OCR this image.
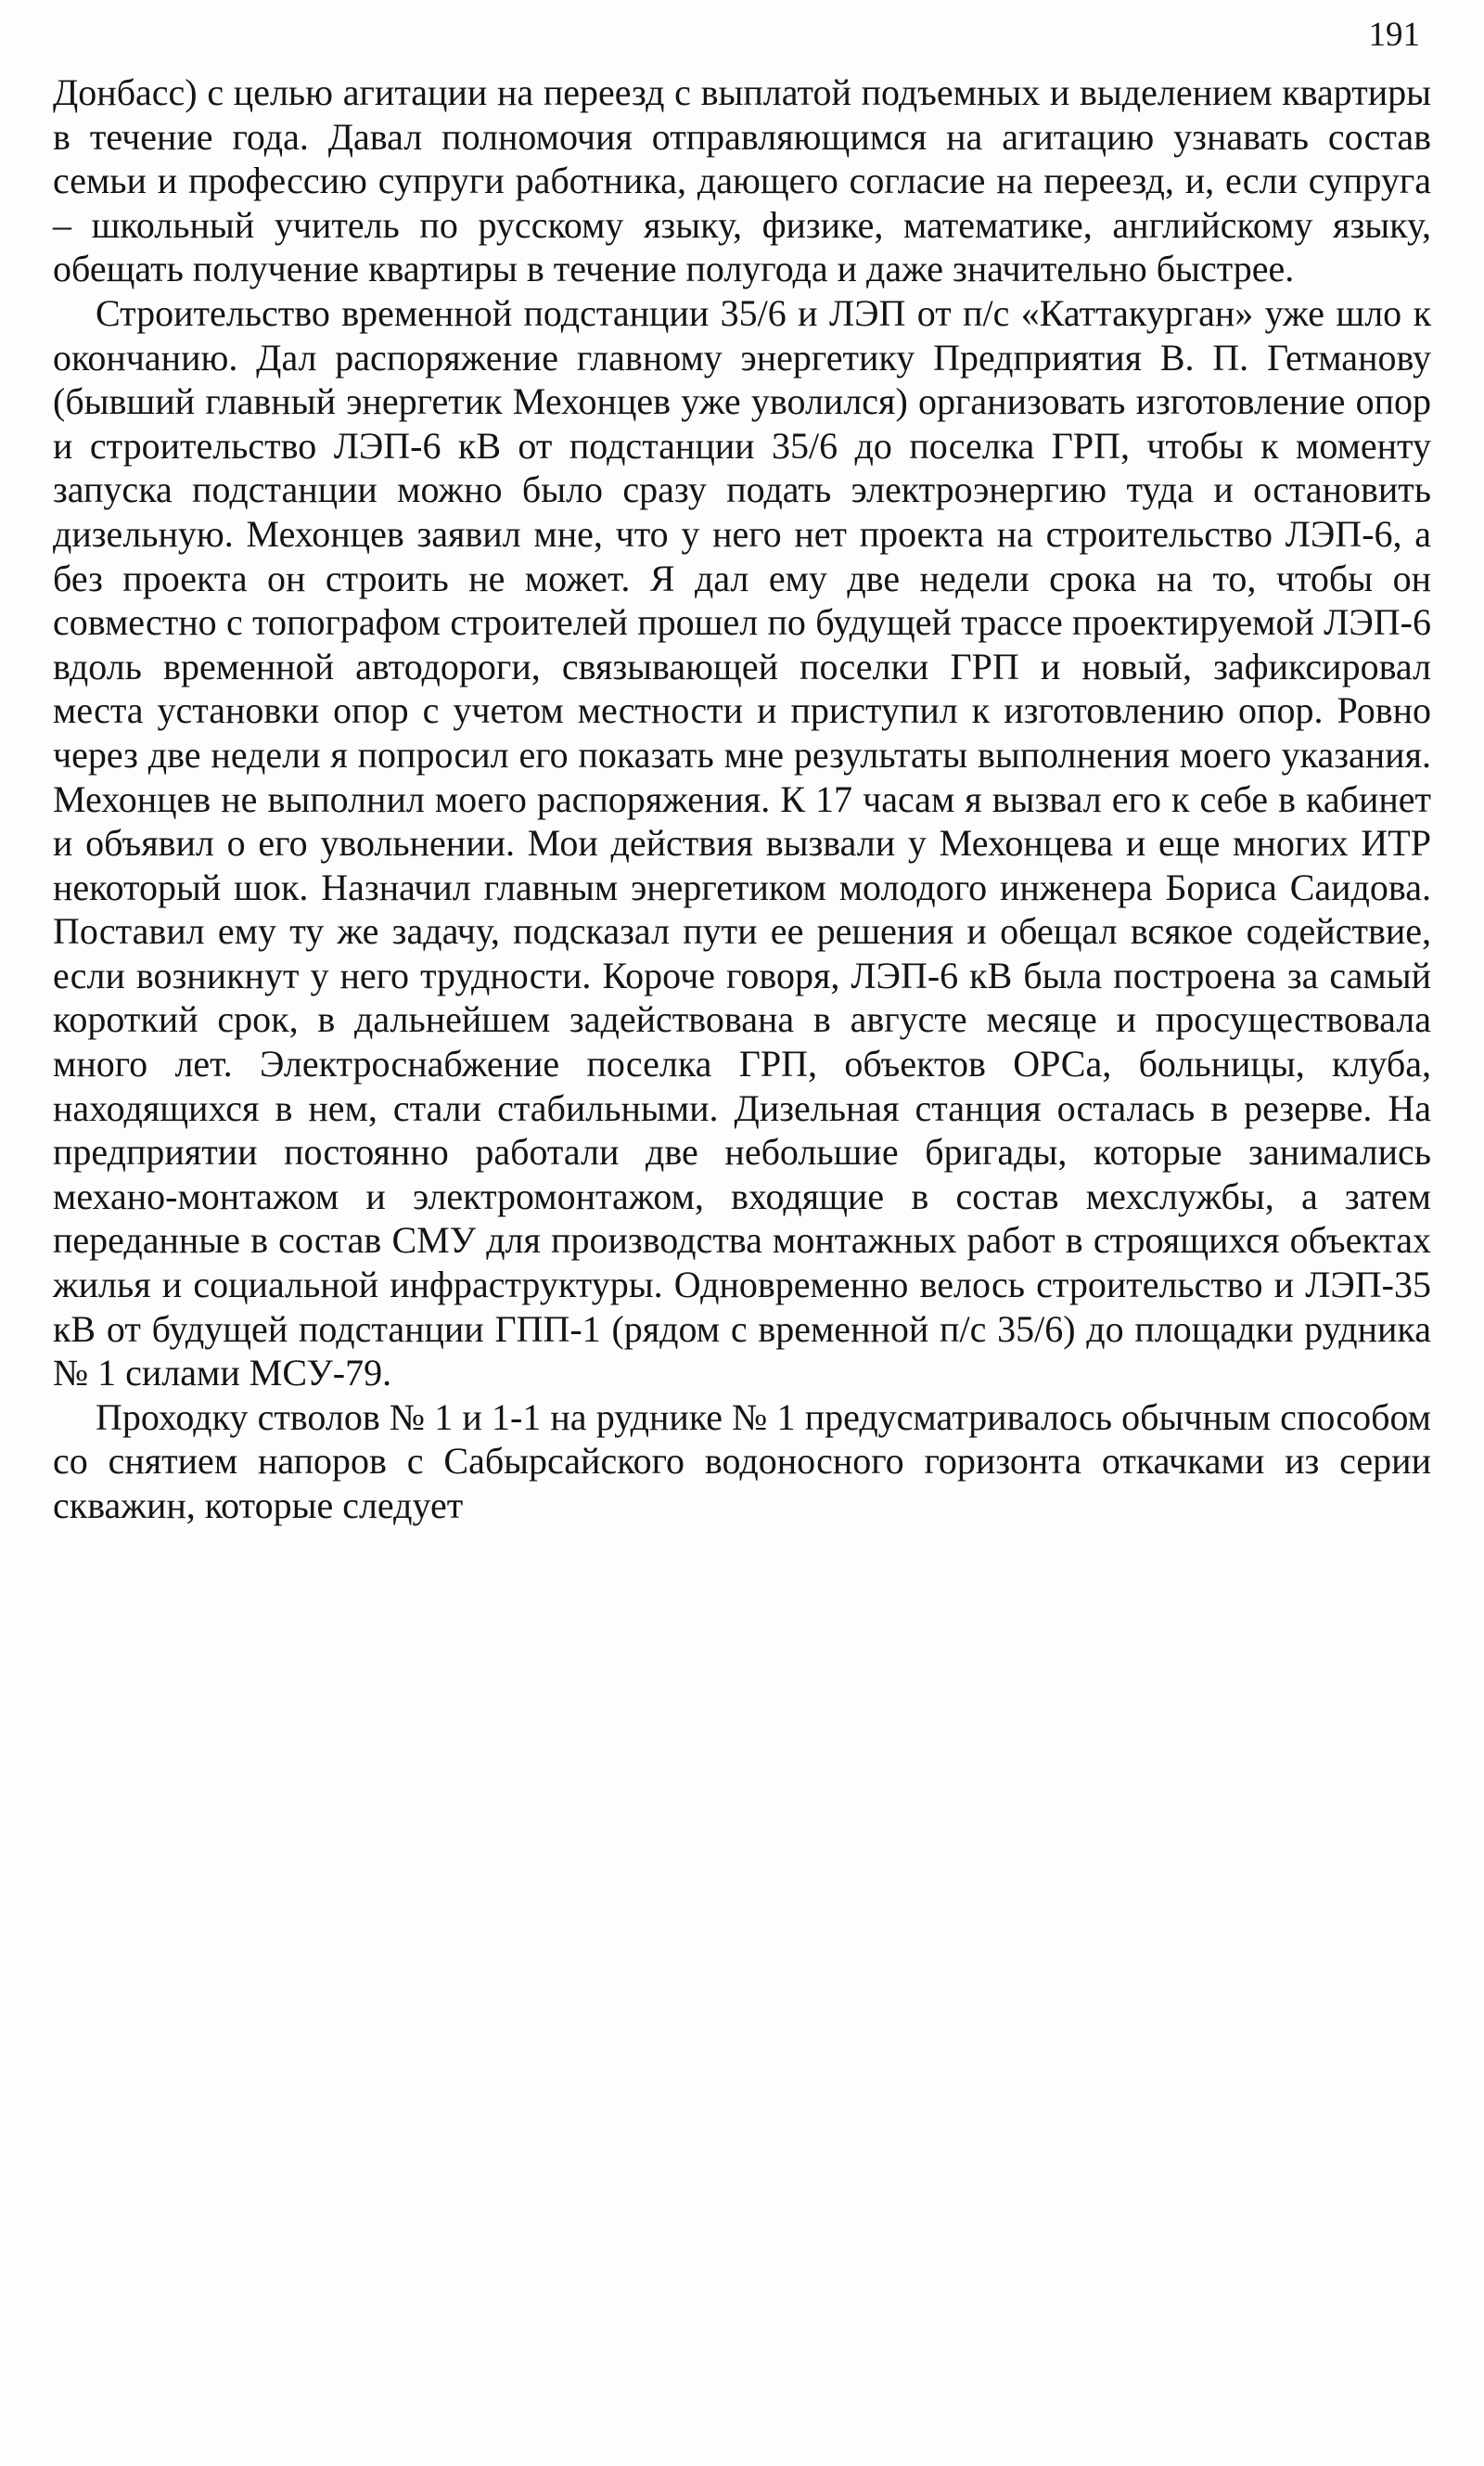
191

Донбасс) с целью агитации на переезд с выплатой подъемных и выделением квартиры в течение года. Давал полномочия отправляющимся на агитацию узнавать состав семьи и профессию супруги работника, дающего согласие на переезд, и, если супруга – школьный учитель по русскому языку, физике, математике, английскому языку, обещать получение квартиры в течение полугода и даже значительно быстрее.

Строительство временной подстанции 35/6 и ЛЭП от п/с «Каттакурган» уже шло к окончанию. Дал распоряжение главному энергетику Предприятия В. П. Гетманову (бывший главный энергетик Мехонцев уже уволился) организовать изготовление опор и строительство ЛЭП-6 кВ от подстанции 35/6 до поселка ГРП, чтобы к моменту запуска подстанции можно было сразу подать электроэнергию туда и остановить дизельную. Мехонцев заявил мне, что у него нет проекта на строительство ЛЭП-6, а без проекта он строить не может. Я дал ему две недели срока на то, чтобы он совместно с топографом строителей прошел по будущей трассе проектируемой ЛЭП-6 вдоль временной автодороги, связывающей поселки ГРП и новый, зафиксировал места установки опор с учетом местности и приступил к изготовлению опор. Ровно через две недели я попросил его показать мне результаты выполнения моего указания. Мехонцев не выполнил моего распоряжения. К 17 часам я вызвал его к себе в кабинет и объявил о его увольнении. Мои действия вызвали у Мехонцева и еще многих ИТР некоторый шок. Назначил главным энергетиком молодого инженера Бориса Саидова. Поставил ему ту же задачу, подсказал пути ее решения и обещал всякое содействие, если возникнут у него трудности. Короче говоря, ЛЭП-6 кВ была построена за самый короткий срок, в дальнейшем задействована в августе месяце и просуществовала много лет. Электроснабжение поселка ГРП, объектов ОРСа, больницы, клуба, находящихся в нем, стали стабильными. Дизельная станция осталась в резерве. На предприятии постоянно работали две небольшие бригады, которые занимались механо-монтажом и электромонтажом, входящие в состав мехслужбы, а затем переданные в состав СМУ для производства монтажных работ в строящихся объектах жилья и социальной инфраструктуры. Одновременно велось строительство и ЛЭП-35 кВ от будущей подстанции ГПП-1 (рядом с временной п/с 35/6) до площадки рудника № 1 силами МСУ-79.

Проходку стволов № 1 и 1-1 на руднике № 1 предусматривалось обычным способом со снятием напоров с Сабырсайского водоносного горизонта откачками из серии скважин, которые следует
